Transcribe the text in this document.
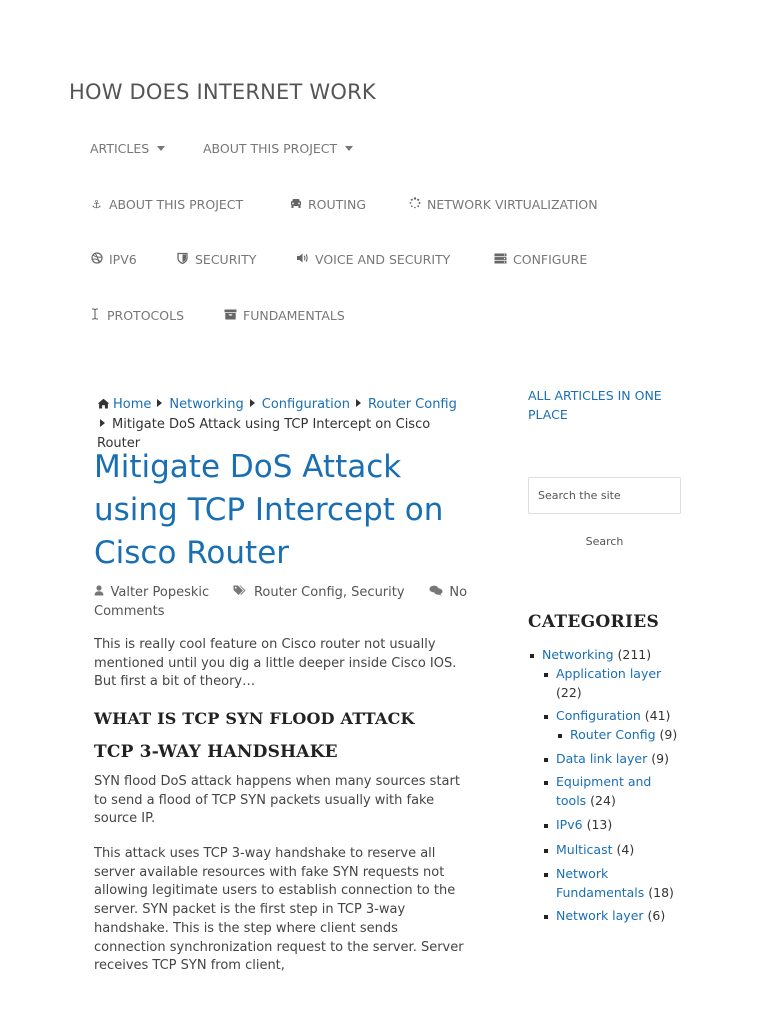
HOW DOES INTERNET WORK
ARTICLES	ABOUT THIS PROJECT
⚓ ABOUT THIS PROJECT	ROUTING	NETWORK VIRTUALIZATION
IPV6	SECURITY	VOICE AND SECURITY	CONFIGURE
PROTOCOLS	FUNDAMENTALS
Home Networking Configuration Router Config
Mitigate DoS Attack using TCP Intercept on Cisco Router
Mitigate DoS Attack using TCP Intercept on Cisco Router
Valter Popeskic	Router Config, Security	No Comments

This is really cool feature on Cisco router not usually mentioned until you dig a little deeper inside Cisco IOS. But first a bit of theory…

WHAT IS TCP SYN FLOOD ATTACK
TCP 3-WAY HANDSHAKE

SYN flood DoS attack happens when many sources start to send a flood of TCP SYN packets usually with fake source IP.

This attack uses TCP 3-way handshake to reserve all server available resources with fake SYN requests not allowing legitimate users to establish connection to the server. SYN packet is the first step in TCP 3-way handshake. This is the step where client sends connection synchronization request to the server. Server receives TCP SYN from client,

ALL ARTICLES IN ONE PLACE
Search the site
Search
CATEGORIES
Networking (211)
Application layer (22)
Configuration (41)
Router Config (9)
Data link layer (9)
Equipment and tools (24)
IPv6 (13)
Multicast (4)
Network Fundamentals (18)
Network layer (6)
